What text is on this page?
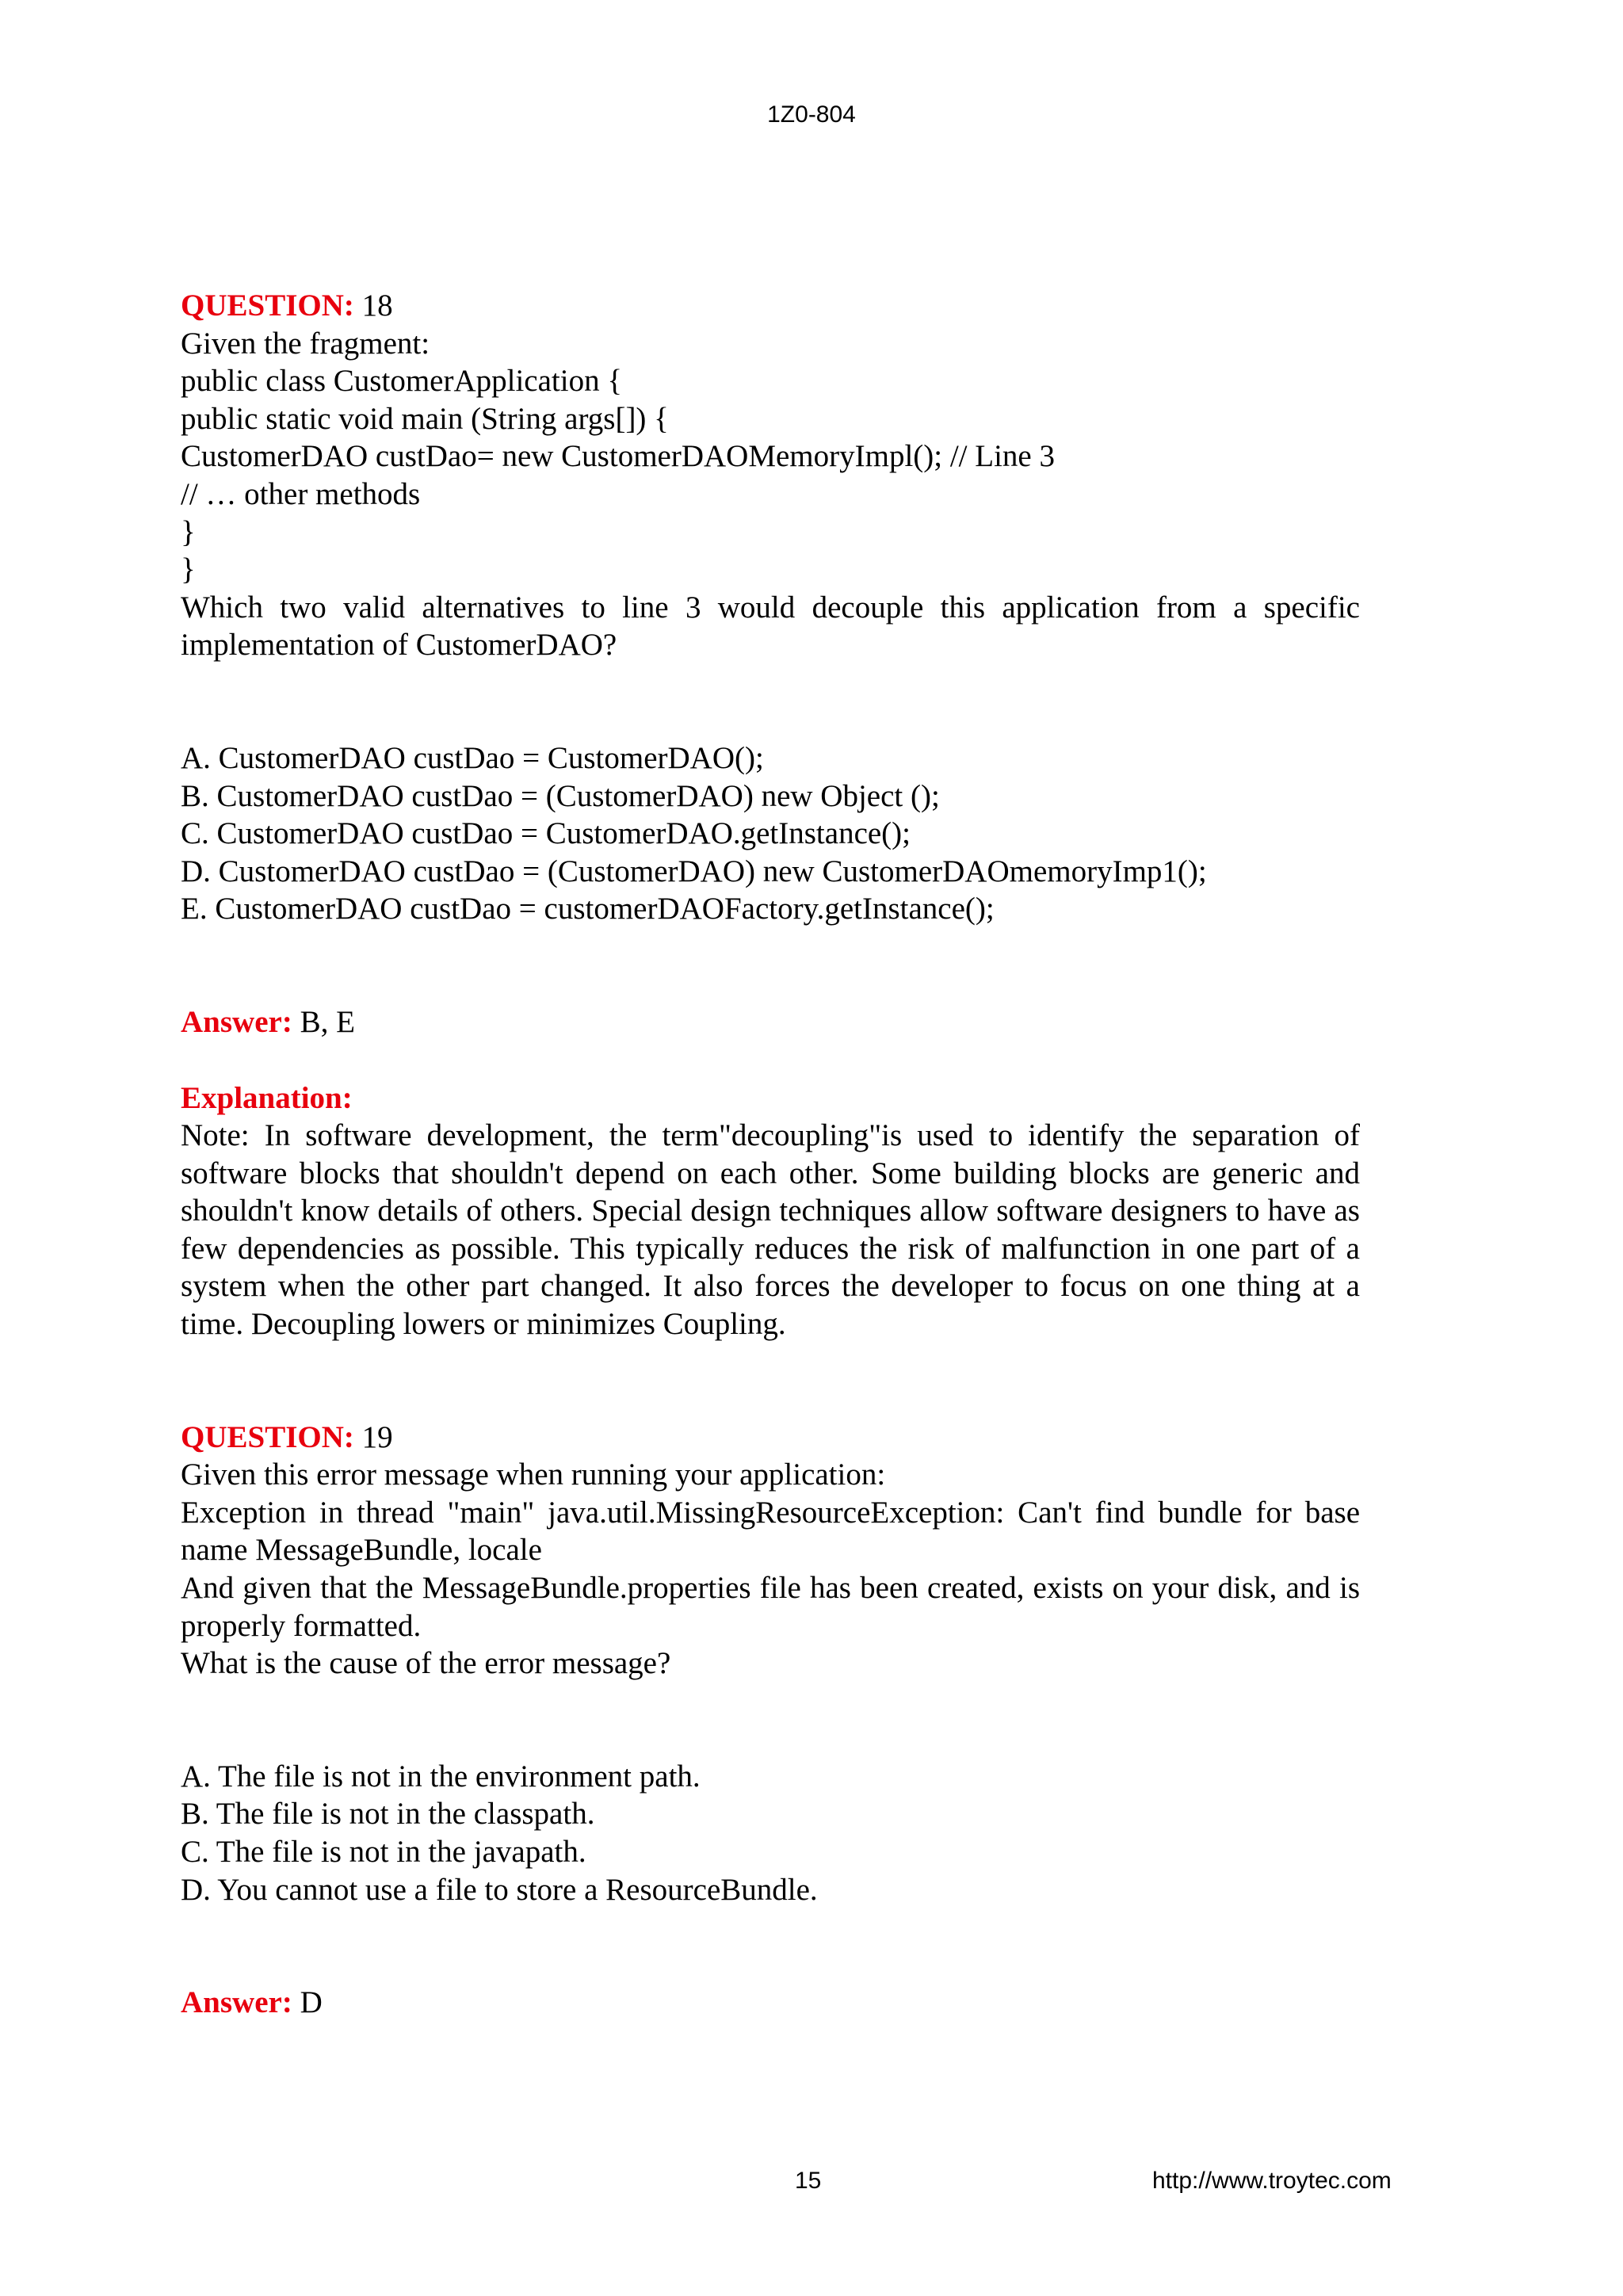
1Z0-804
QUESTION: 18
Given the fragment:
public class CustomerApplication {
public static void main (String args[]) {
CustomerDAO custDao= new CustomerDAOMemoryImpl(); // Line 3
// … other methods
}
}
Which two valid alternatives to line 3 would decouple this application from a specific implementation of CustomerDAO?
A. CustomerDAO custDao = CustomerDAO();
B. CustomerDAO custDao = (CustomerDAO) new Object ();
C. CustomerDAO custDao = CustomerDAO.getInstance();
D. CustomerDAO custDao = (CustomerDAO) new CustomerDAOmemoryImp1();
E. CustomerDAO custDao = customerDAOFactory.getInstance();
Answer: B, E
Explanation:
Note: In software development, the term"decoupling"is used to identify the separation of software blocks that shouldn't depend on each other. Some building blocks are generic and shouldn't know details of others. Special design techniques allow software designers to have as few dependencies as possible. This typically reduces the risk of malfunction in one part of a system when the other part changed. It also forces the developer to focus on one thing at a time. Decoupling lowers or minimizes Coupling.
QUESTION: 19
Given this error message when running your application:
Exception in thread "main" java.util.MissingResourceException: Can't find bundle for base name MessageBundle, locale
And given that the MessageBundle.properties file has been created, exists on your disk, and is properly formatted.
What is the cause of the error message?
A. The file is not in the environment path.
B. The file is not in the classpath.
C. The file is not in the javapath.
D. You cannot use a file to store a ResourceBundle.
Answer: D
15	http://www.troytec.com
